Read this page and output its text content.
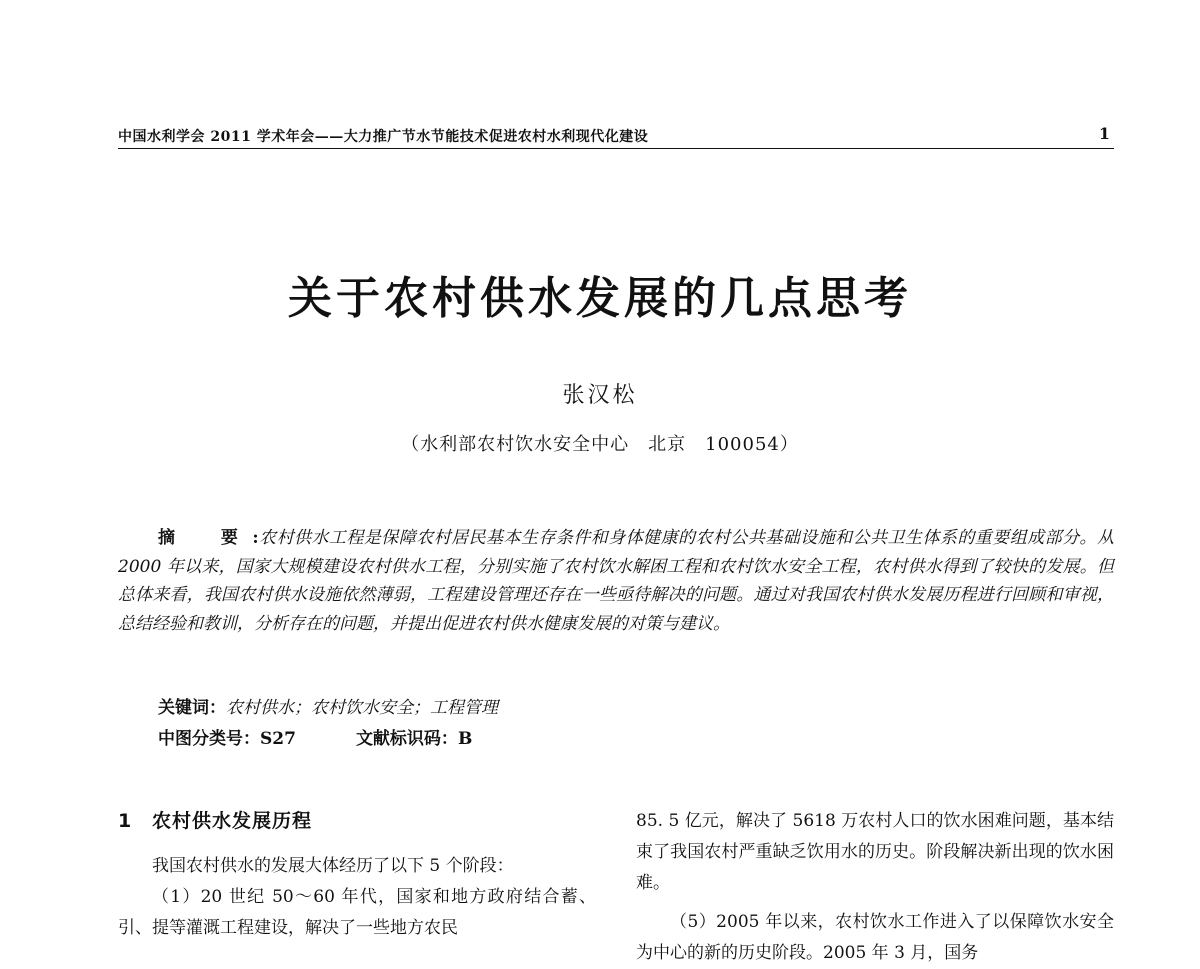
中国水利学会 2011 学术年会——大力推广节水节能技术促进农村水利现代化建设	1
关于农村供水发展的几点思考
张汉松
（水利部农村饮水安全中心　北京　100054）
摘　要:农村供水工程是保障农村居民基本生存条件和身体健康的农村公共基础设施和公共卫生体系的重要组成部分。从 2000 年以来，国家大规模建设农村供水工程，分别实施了农村饮水解困工程和农村饮水安全工程，农村供水得到了较快的发展。但总体来看，我国农村供水设施依然薄弱，工程建设管理还存在一些亟待解决的问题。通过对我国农村供水发展历程进行回顾和审视，总结经验和教训，分析存在的问题，并提出促进农村供水健康发展的对策与建议。
关键词：农村供水；农村饮水安全；工程管理
中图分类号：S27	文献标识码：B
1 农村供水发展历程

我国农村供水的发展大体经历了以下 5 个阶段：

（1）20 世纪 50～60 年代，国家和地方政府结合蓄、引、提等灌溉工程建设，解决了一些地方农民

85. 5 亿元，解决了 5618 万农村人口的饮水困难问题，基本结束了我国农村严重缺乏饮用水的历史。阶段解决新出现的饮水困难。

（5）2005 年以来，农村饮水工作进入了以保障饮水安全为中心的新的历史阶段。2005 年 3 月，国务
